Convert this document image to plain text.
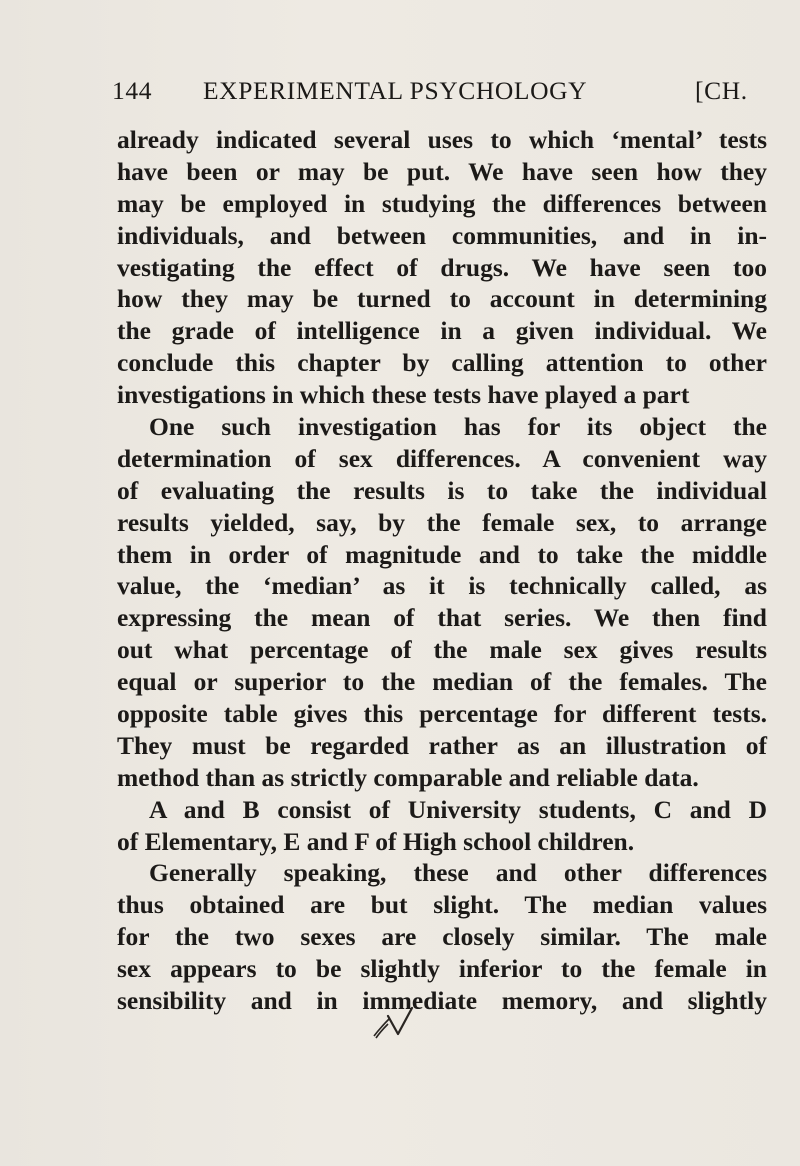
144 EXPERIMENTAL PSYCHOLOGY	[CH.
already indicated several uses to which ‘mental’ tests
have been or may be put. We have seen how they
may be employed in studying the differences between
individuals, and between communities, and in in-
vestigating the effect of drugs. We have seen too
how they may be turned to account in determining
the grade of intelligence in a given individual. We
conclude this chapter by calling attention to other
investigations in which these tests have played a part
One such investigation has for its object the
determination of sex differences. A convenient way
of evaluating the results is to take the individual
results yielded, say, by the female sex, to arrange
them in order of magnitude and to take the middle
value, the ‘median’ as it is technically called, as
expressing the mean of that series. We then find
out what percentage of the male sex gives results
equal or superior to the median of the females. The
opposite table gives this percentage for different tests.
They must be regarded rather as an illustration of
method than as strictly comparable and reliable data.
A and B consist of University students, C and D
of Elementary, E and F of High school children.
Generally speaking, these and other differences
thus obtained are but slight. The median values
for the two sexes are closely similar. The male
sex appears to be slightly inferior to the female in
sensibility and in immediate memory, and slightly
